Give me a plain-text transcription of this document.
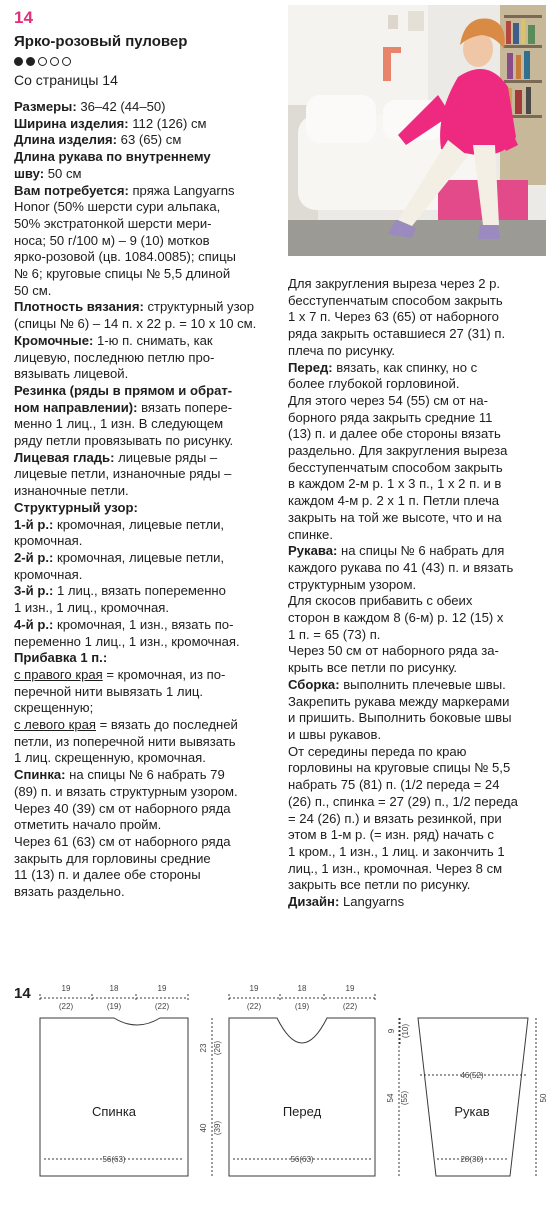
14
Ярко-розовый пуловер
Со страницы 14
Размеры: 36–42 (44–50)
Ширина изделия: 112 (126) см
Длина изделия: 63 (65) см
Длина рукава по внутреннему
шву: 50 см
Вам потребуется: пряжа Langyarns
Honor (50% шерсти сури альпака,
50% экстратонкой шерсти мери-
носа; 50 г/100 м) – 9 (10) мотков
ярко-розовой (цв. 1084.0085); спицы
№ 6; круговые спицы № 5,5 длиной
50 см.
Плотность вязания: структурный узор
(спицы № 6) – 14 п. х 22 р. = 10 х 10 см.
Кромочные: 1-ю п. снимать, как
лицевую, последнюю петлю про-
вязывать лицевой.
Резинка (ряды в прямом и обрат-
ном направлении): вязать попере-
менно 1 лиц., 1 изн. В следующем
ряду петли провязывать по рисунку.
Лицевая гладь: лицевые ряды –
лицевые петли, изнаночные ряды –
изнаночные петли.
Структурный узор:
1-й р.: кромочная, лицевые петли,
кромочная.
2-й р.: кромочная, лицевые петли,
кромочная.
3-й р.: 1 лиц., вязать попеременно
1 изн., 1 лиц., кромочная.
4-й р.: кромочная, 1 изн., вязать по-
переменно 1 лиц., 1 изн., кромочная.
Прибавка 1 п.:
с правого края = кромочная, из по-
перечной нити вывязать 1 лиц.
скрещенную;
с левого края = вязать до последней
петли, из поперечной нити вывязать
1 лиц. скрещенную, кромочная.
Спинка: на спицы № 6 набрать 79
(89) п. и вязать структурным узором.
Через 40 (39) см от наборного ряда
отметить начало пройм.
Через 61 (63) см от наборного ряда
закрыть для горловины средние
11 (13) п. и далее обе стороны
вязать раздельно.
Для закругления выреза через 2 р.
бесступенчатым способом закрыть
1 х 7 п. Через 63 (65) от наборного
ряда закрыть оставшиеся 27 (31) п.
плеча по рисунку.
Перед: вязать, как спинку, но с
более глубокой горловиной.
Для этого через 54 (55) см от на-
борного ряда закрыть средние 11
(13) п. и далее обе стороны вязать
раздельно. Для закругления выреза
бесступенчатым способом закрыть
в каждом 2-м р. 1 х 3 п., 1 х 2 п. и в
каждом 4-м р. 2 х 1 п. Петли плеча
закрыть на той же высоте, что и на
спинке.
Рукава: на спицы № 6 набрать для
каждого рукава по 41 (43) п. и вязать
структурным узором.
Для скосов прибавить с обеих
сторон в каждом 8 (6-м) р. 12 (15) х
1 п. = 65 (73) п.
Через 50 см от наборного ряда за-
крыть все петли по рисунку.
Сборка: выполнить плечевые швы.
Закрепить рукава между маркерами
и пришить. Выполнить боковые швы
и швы рукавов.
От середины переда по краю
горловины на круговые спицы № 5,5
набрать 75 (81) п. (1/2 переда = 24
(26) п., спинка = 27 (29) п., 1/2 переда
= 24 (26) п.) и вязать резинкой, при
этом в 1-м р. (= изн. ряд) начать с
1 кром., 1 изн., 1 лиц. и закончить 1
лиц., 1 изн., кромочная. Через 8 см
закрыть все петли по рисунку.
Дизайн: Langyarns
14
Спинка
19
(22)
18
(19)
19
(22)
56(63)
23 (26)
40 (39)
Перед
19
(22)
18
(19)
19
(22)
56(63)
9 (10)
Рукав
46(52)
28(30)
54 (55)	50
